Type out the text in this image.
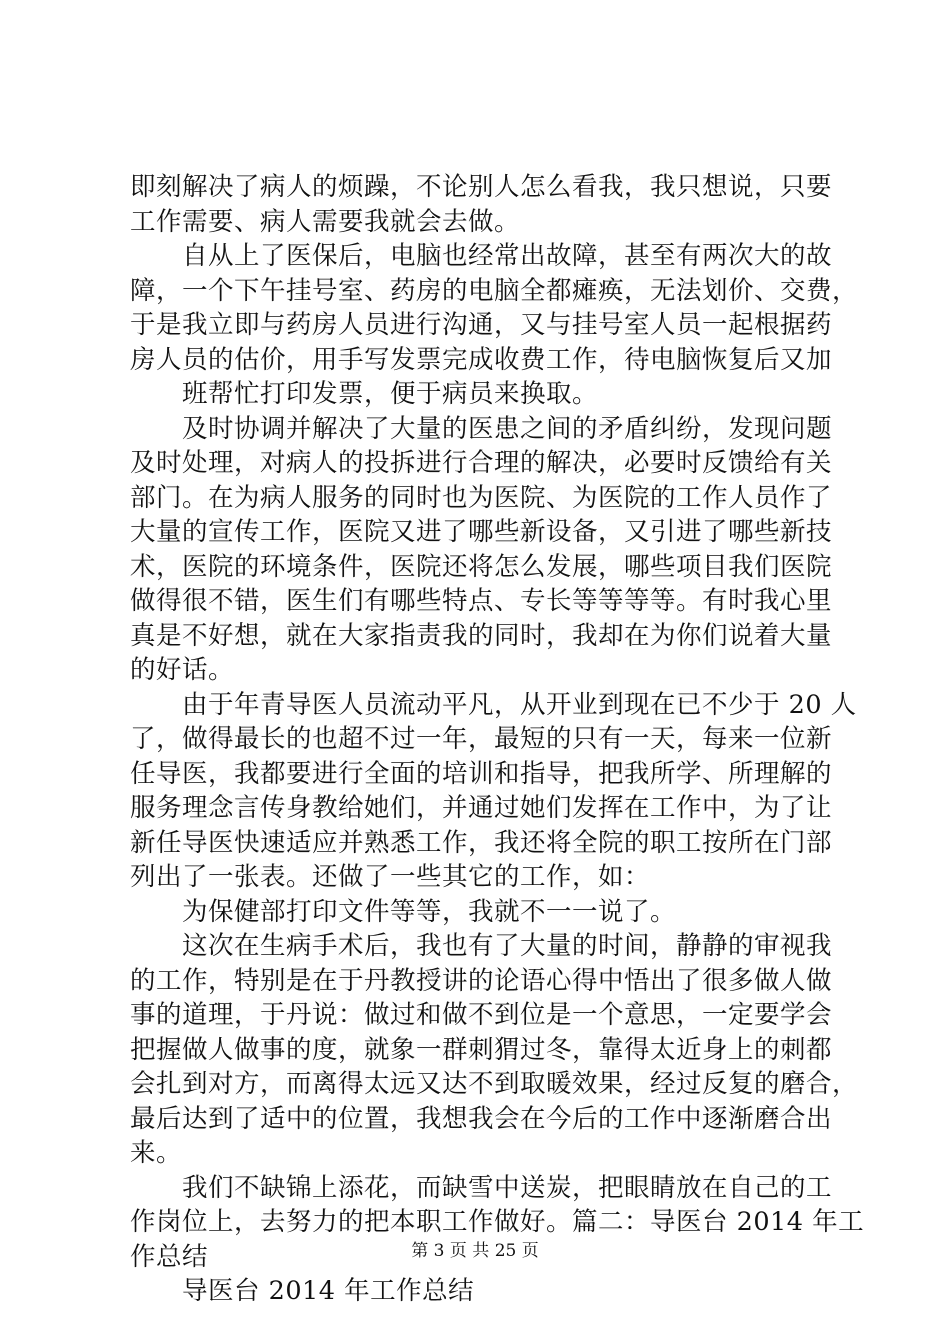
即刻解决了病人的烦躁，不论别人怎么看我，我只想说，只要

工作需要、病人需要我就会去做。

　　自从上了医保后，电脑也经常出故障，甚至有两次大的故

障，一个下午挂号室、药房的电脑全都瘫痪，无法划价、交费，

于是我立即与药房人员进行沟通，又与挂号室人员一起根据药

房人员的估价，用手写发票完成收费工作，待电脑恢复后又加

　　班帮忙打印发票，便于病员来换取。

　　及时协调并解决了大量的医患之间的矛盾纠纷，发现问题

及时处理，对病人的投拆进行合理的解决，必要时反馈给有关

部门。在为病人服务的同时也为医院、为医院的工作人员作了

大量的宣传工作，医院又进了哪些新设备，又引进了哪些新技

术，医院的环境条件，医院还将怎么发展，哪些项目我们医院

做得很不错，医生们有哪些特点、专长等等等等。有时我心里

真是不好想，就在大家指责我的同时，我却在为你们说着大量

的好话。

　　由于年青导医人员流动平凡，从开业到现在已不少于 20 人

了，做得最长的也超不过一年，最短的只有一天，每来一位新

任导医，我都要进行全面的培训和指导，把我所学、所理解的

服务理念言传身教给她们，并通过她们发挥在工作中，为了让

新任导医快速适应并熟悉工作，我还将全院的职工按所在门部

列出了一张表。还做了一些其它的工作，如：

　　为保健部打印文件等等，我就不一一说了。

　　这次在生病手术后，我也有了大量的时间，静静的审视我

的工作，特别是在于丹教授讲的论语心得中悟出了很多做人做

事的道理，于丹说：做过和做不到位是一个意思，一定要学会

把握做人做事的度，就象一群刺猬过冬，靠得太近身上的刺都

会扎到对方，而离得太远又达不到取暖效果，经过反复的磨合，

最后达到了适中的位置，我想我会在今后的工作中逐渐磨合出

来。

　　我们不缺锦上添花，而缺雪中送炭，把眼睛放在自己的工

作岗位上，去努力的把本职工作做好。篇二：导医台 2014 年工

作总结

　　导医台 2014 年工作总结

第 3 页 共 25 页
